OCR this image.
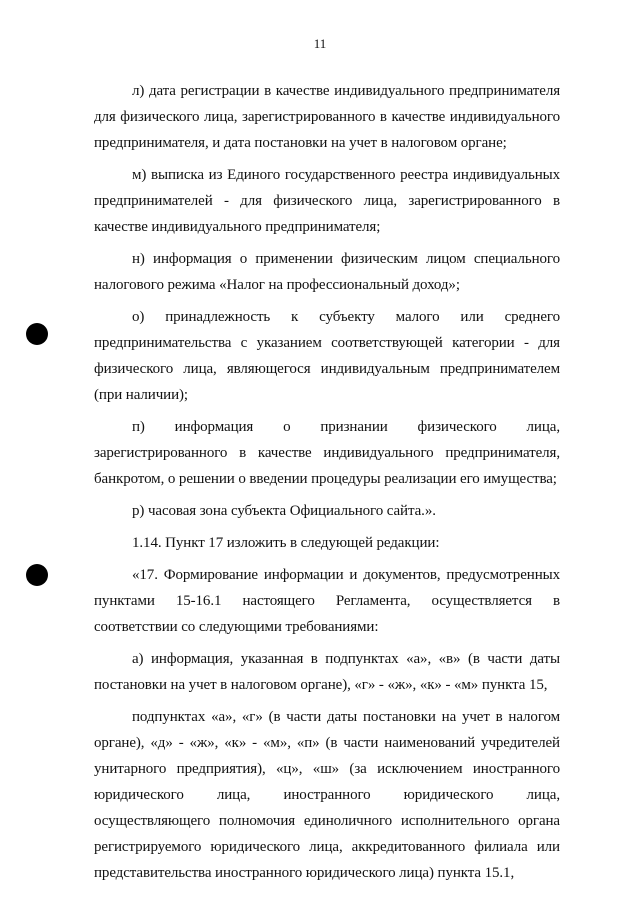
11

л) дата регистрации в качестве индивидуального предпринимателя для физического лица, зарегистрированного в качестве индивидуального предпринимателя, и дата постановки на учет в налоговом органе;

м) выписка из Единого государственного реестра индивидуальных предпринимателей - для физического лица, зарегистрированного в качестве индивидуального предпринимателя;

н) информация о применении физическим лицом специального налогового режима «Налог на профессиональный доход»;

о) принадлежность к субъекту малого или среднего предпринимательства с указанием соответствующей категории - для физического лица, являющегося индивидуальным предпринимателем (при наличии);

п) информация о признании физического лица, зарегистрированного в качестве индивидуального предпринимателя, банкротом, о решении о введении процедуры реализации его имущества;

р) часовая зона субъекта Официального сайта.».

1.14. Пункт 17 изложить в следующей редакции:

«17. Формирование информации и документов, предусмотренных пунктами 15-16.1 настоящего Регламента, осуществляется в соответствии со следующими требованиями:

а) информация, указанная в подпунктах «а», «в» (в части даты постановки на учет в налоговом органе), «г» - «ж», «к» - «м» пункта 15,

подпунктах «а», «г» (в части даты постановки на учет в налогом органе), «д» - «ж», «к» - «м», «п» (в части наименований учредителей унитарного предприятия), «ц», «ш» (за исключением иностранного юридического лица, иностранного юридического лица, осуществляющего полномочия единоличного исполнительного органа регистрируемого юридического лица, аккредитованного филиала или представительства иностранного юридического лица) пункта 15.1,
